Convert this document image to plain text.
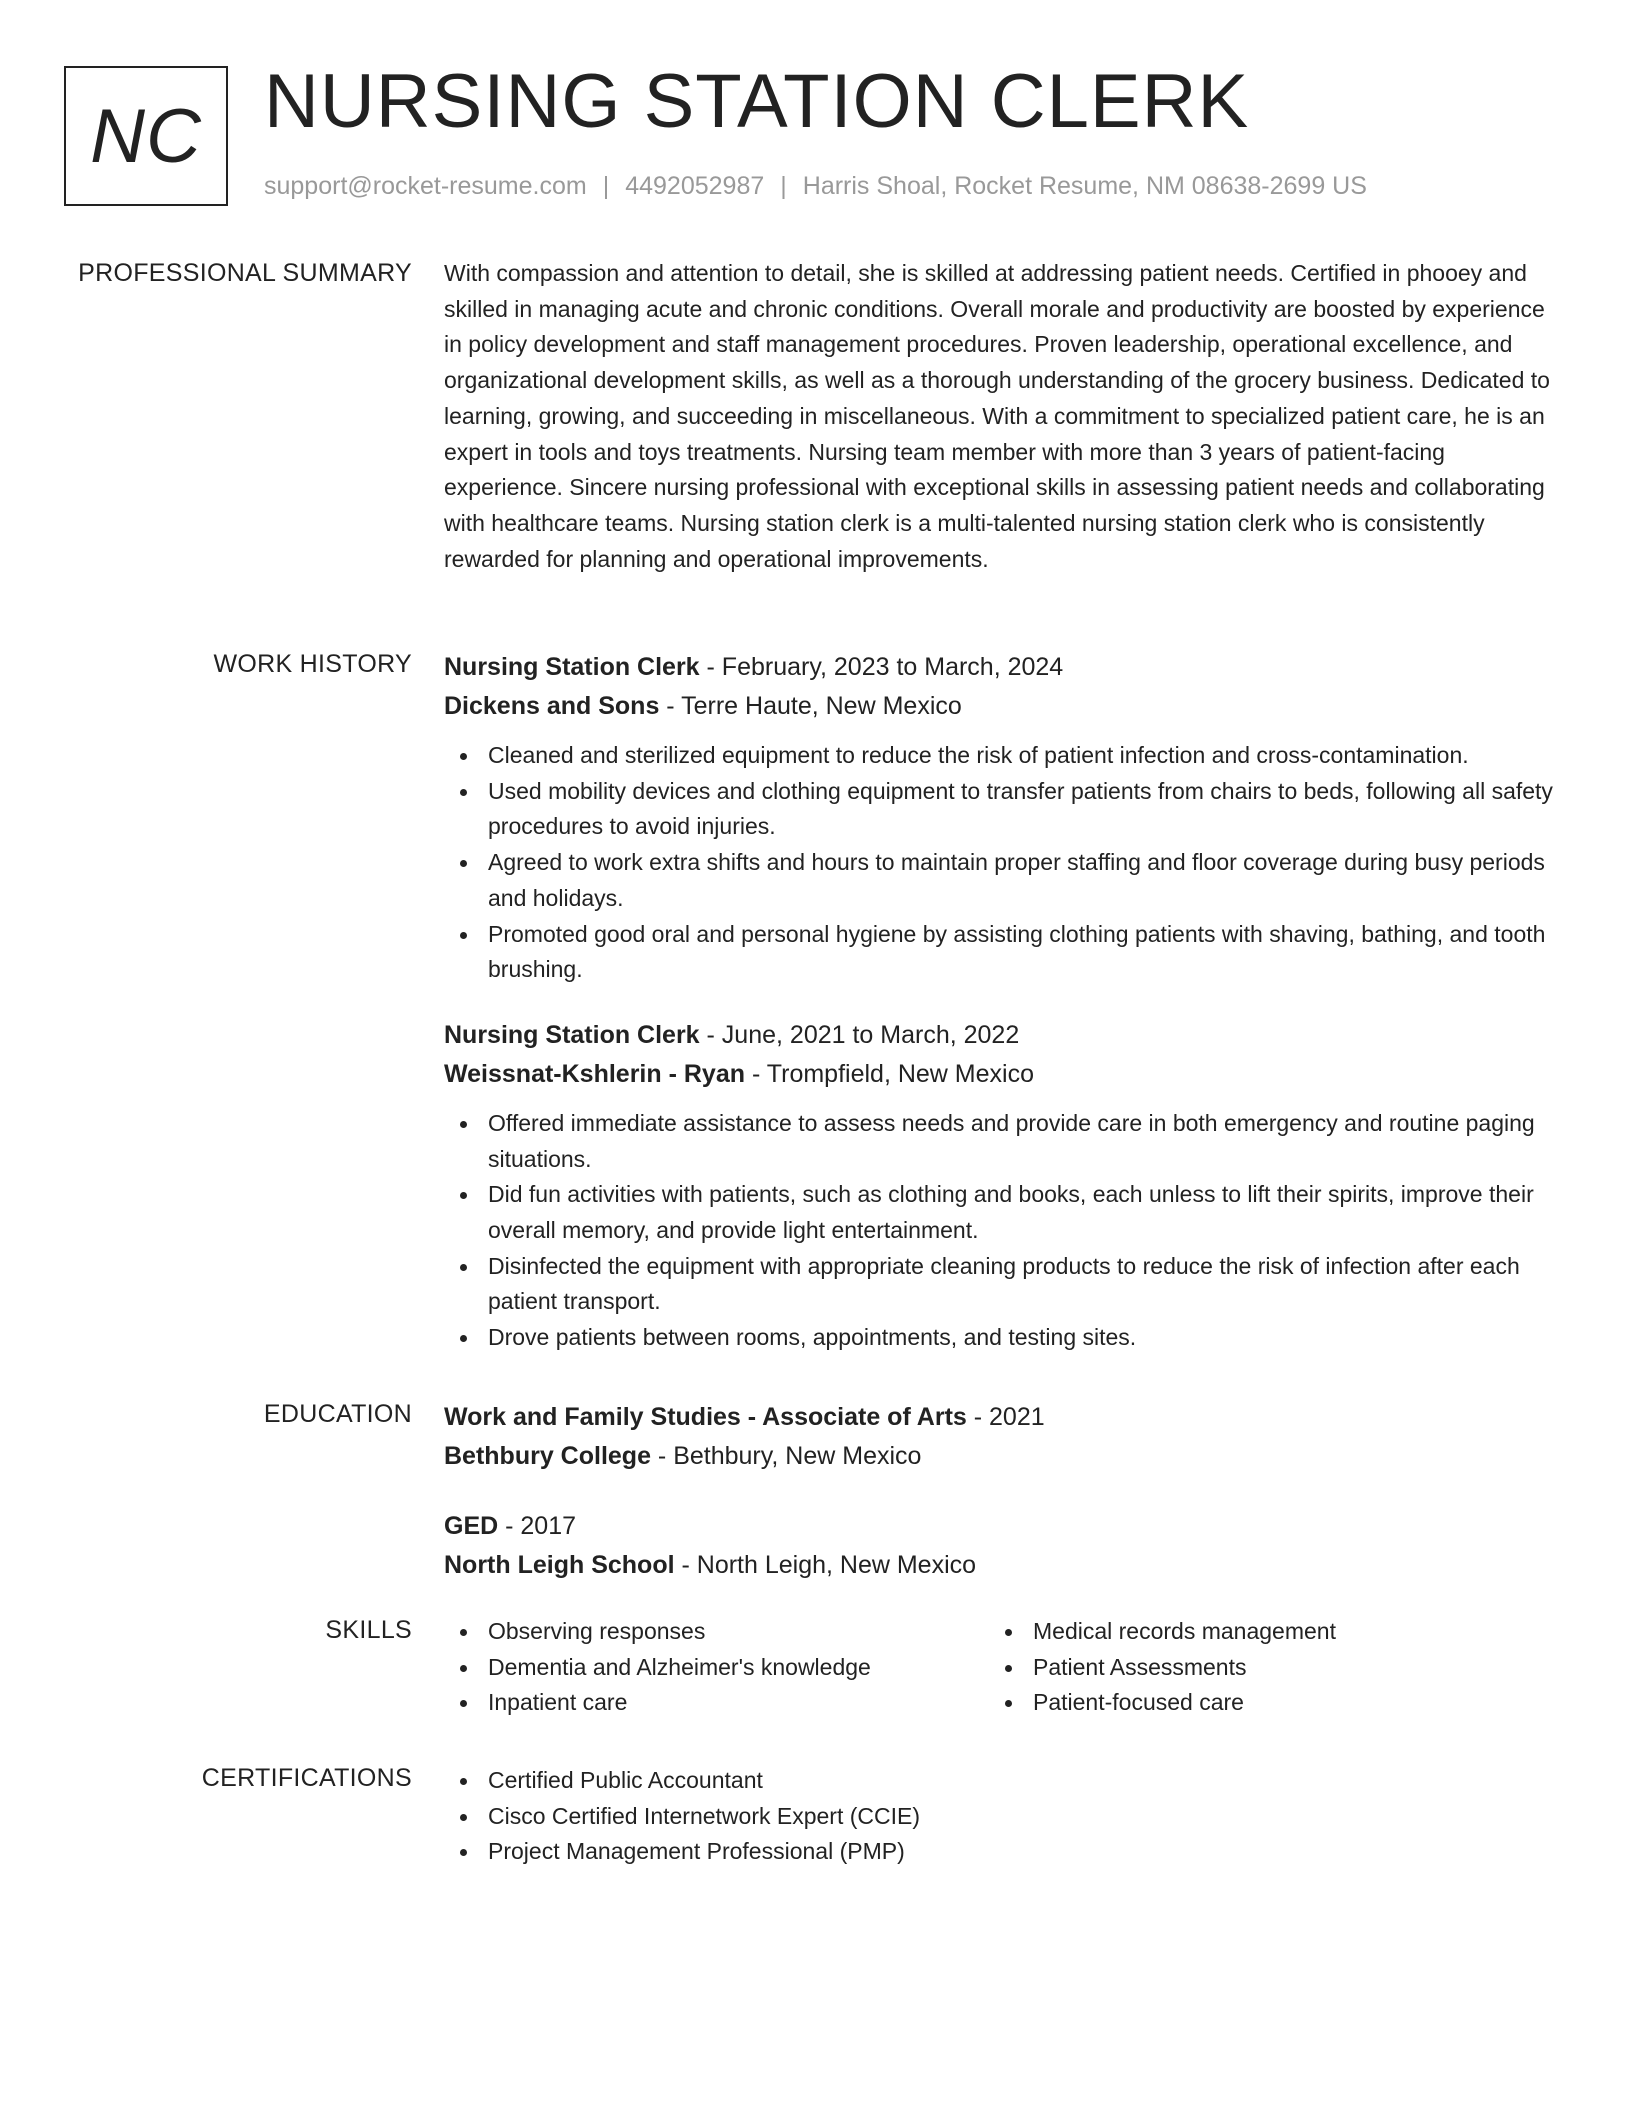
NC NURSING STATION CLERK
support@rocket-resume.com | 4492052987 | Harris Shoal, Rocket Resume, NM 08638-2699 US
PROFESSIONAL SUMMARY With compassion and attention to detail, she is skilled at addressing patient needs. Certified in phooey and skilled in managing acute and chronic conditions. Overall morale and productivity are boosted by experience in policy development and staff management procedures. Proven leadership, operational excellence, and organizational development skills, as well as a thorough understanding of the grocery business. Dedicated to learning, growing, and succeeding in miscellaneous. With a commitment to specialized patient care, he is an expert in tools and toys treatments. Nursing team member with more than 3 years of patient-facing experience. Sincere nursing professional with exceptional skills in assessing patient needs and collaborating with healthcare teams. Nursing station clerk is a multi-talented nursing station clerk who is consistently rewarded for planning and operational improvements.

WORK HISTORY Nursing Station Clerk - February, 2023 to March, 2024
Dickens and Sons - Terre Haute, New Mexico
Cleaned and sterilized equipment to reduce the risk of patient infection and cross-contamination.
Used mobility devices and clothing equipment to transfer patients from chairs to beds, following all safety procedures to avoid injuries.
Agreed to work extra shifts and hours to maintain proper staffing and floor coverage during busy periods and holidays.
Promoted good oral and personal hygiene by assisting clothing patients with shaving, bathing, and tooth brushing.
Nursing Station Clerk - June, 2021 to March, 2022
Weissnat-Kshlerin - Ryan - Trompfield, New Mexico
Offered immediate assistance to assess needs and provide care in both emergency and routine paging situations.
Did fun activities with patients, such as clothing and books, each unless to lift their spirits, improve their overall memory, and provide light entertainment.
Disinfected the equipment with appropriate cleaning products to reduce the risk of infection after each patient transport.
Drove patients between rooms, appointments, and testing sites.
EDUCATION Work and Family Studies - Associate of Arts - 2021
Bethbury College - Bethbury, New Mexico
GED - 2017
North Leigh School - North Leigh, New Mexico
SKILLS	Observing responses
Dementia and Alzheimer's knowledge
Inpatient care
Medical records management
Patient Assessments
Patient-focused care
CERTIFICATIONS	Certified Public Accountant
Cisco Certified Internetwork Expert (CCIE)
Project Management Professional (PMP)
